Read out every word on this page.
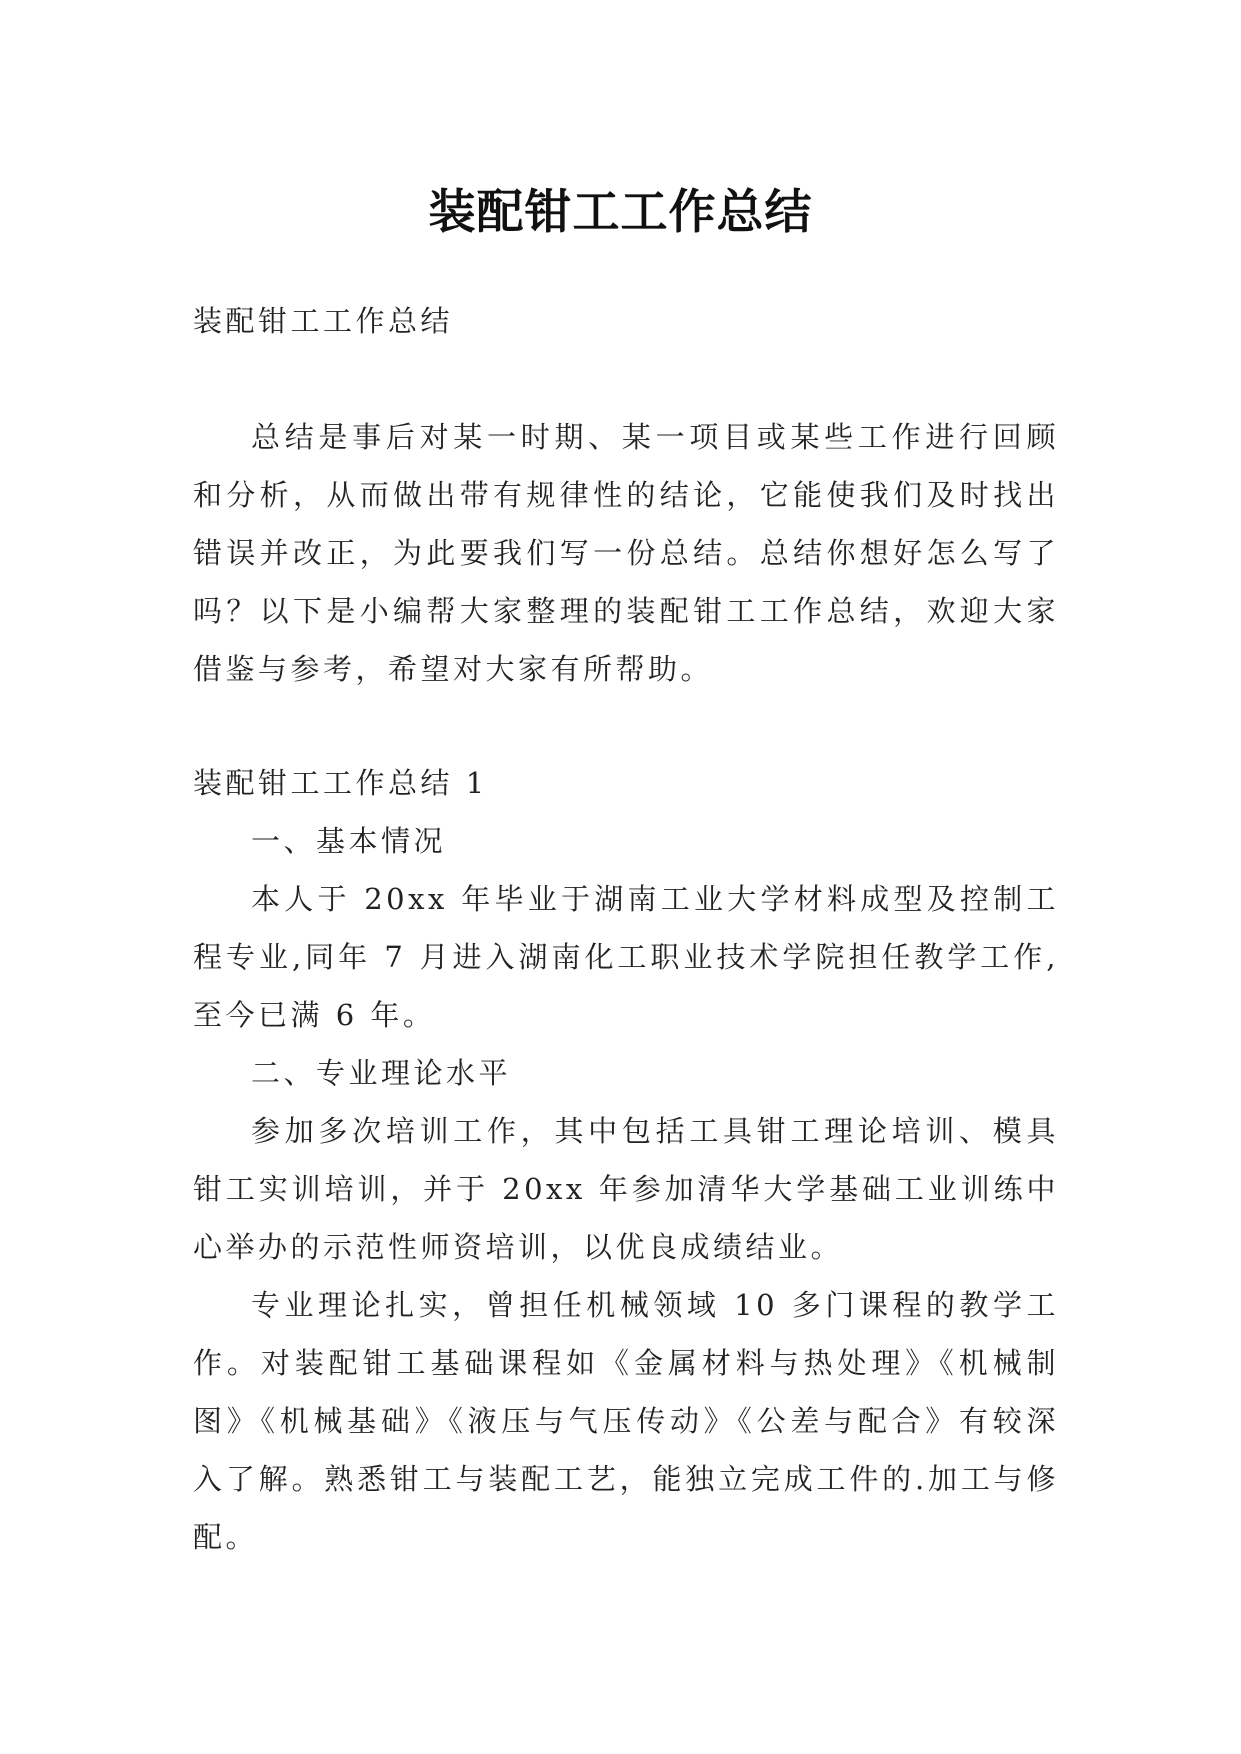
装配钳工工作总结

装配钳工工作总结

总结是事后对某一时期、某一项目或某些工作进行回顾和分析，从而做出带有规律性的结论，它能使我们及时找出错误并改正，为此要我们写一份总结。总结你想好怎么写了吗？以下是小编帮大家整理的装配钳工工作总结，欢迎大家借鉴与参考，希望对大家有所帮助。

装配钳工工作总结 1

一、基本情况

本人于 20xx 年毕业于湖南工业大学材料成型及控制工程专业,同年 7 月进入湖南化工职业技术学院担任教学工作,至今已满 6 年。

二、专业理论水平

参加多次培训工作，其中包括工具钳工理论培训、模具钳工实训培训，并于 20xx 年参加清华大学基础工业训练中心举办的示范性师资培训，以优良成绩结业。

专业理论扎实，曾担任机械领域 10 多门课程的教学工作。对装配钳工基础课程如《金属材料与热处理》《机械制图》《机械基础》《液压与气压传动》《公差与配合》有较深入了解。熟悉钳工与装配工艺，能独立完成工件的.加工与修配。
